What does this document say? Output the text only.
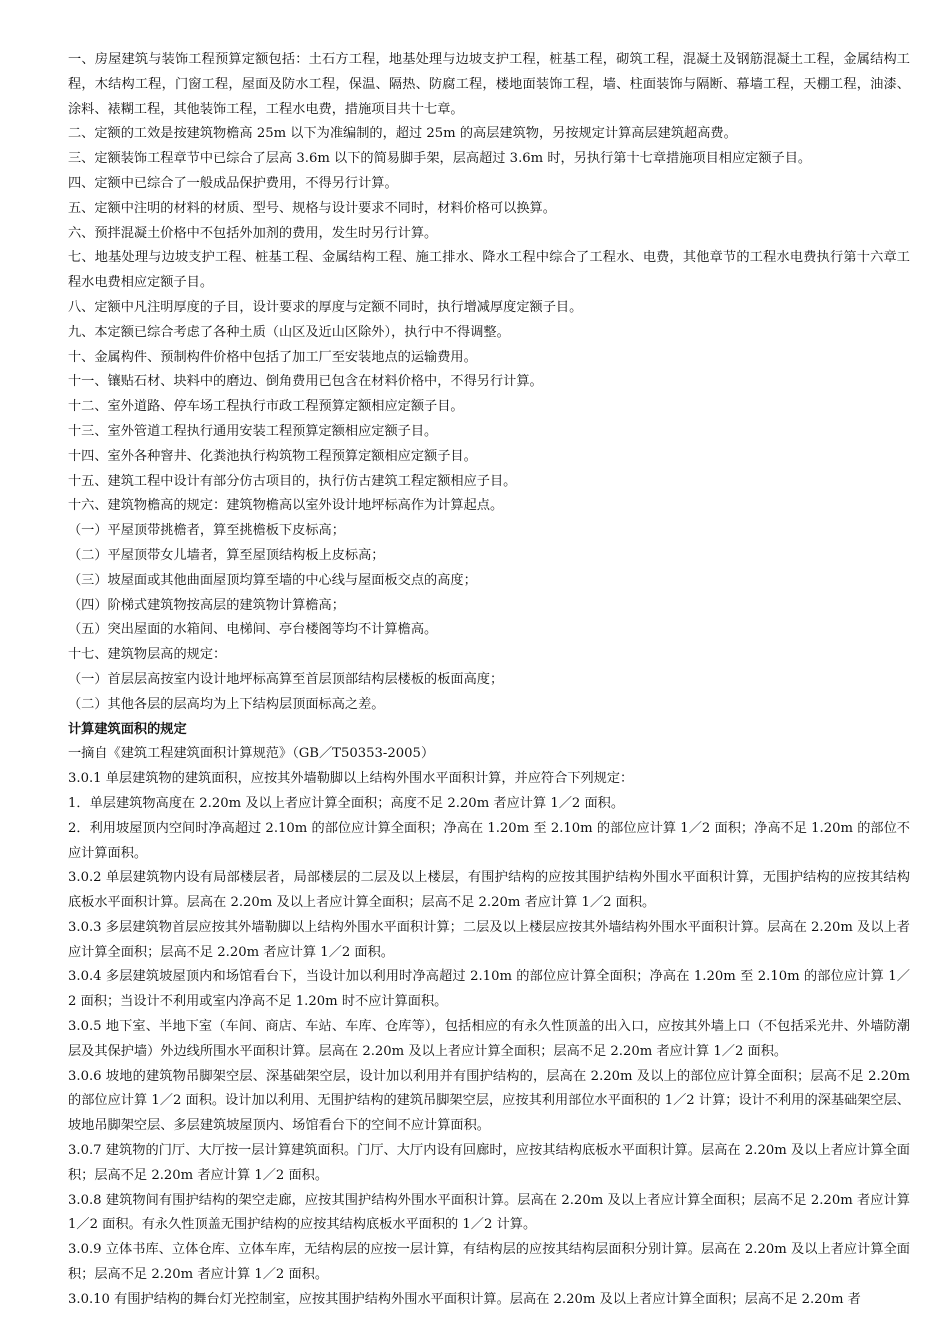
一、房屋建筑与装饰工程预算定额包括：土石方工程，地基处理与边坡支护工程，桩基工程，砌筑工程，混凝土及钢筋混凝土工程，金属结构工程，木结构工程，门窗工程，屋面及防水工程，保温、隔热、防腐工程，楼地面装饰工程，墙、柱面装饰与隔断、幕墙工程，天棚工程，油漆、涂料、裱糊工程，其他装饰工程，工程水电费，措施项目共十七章。

二、定额的工效是按建筑物檐高 25m 以下为准编制的，超过 25m 的高层建筑物，另按规定计算高层建筑超高费。

三、定额装饰工程章节中已综合了层高 3.6m 以下的简易脚手架，层高超过 3.6m 时，另执行第十七章措施项目相应定额子目。

四、定额中已综合了一般成品保护费用，不得另行计算。

五、定额中注明的材料的材质、型号、规格与设计要求不同时，材料价格可以换算。

六、预拌混凝土价格中不包括外加剂的费用，发生时另行计算。

七、地基处理与边坡支护工程、桩基工程、金属结构工程、施工排水、降水工程中综合了工程水、电费，其他章节的工程水电费执行第十六章工程水电费相应定额子目。

八、定额中凡注明厚度的子目，设计要求的厚度与定额不同时，执行增减厚度定额子目。

九、本定额已综合考虑了各种土质（山区及近山区除外），执行中不得调整。

十、金属构件、预制构件价格中包括了加工厂至安装地点的运输费用。

十一、镶贴石材、块料中的磨边、倒角费用已包含在材料价格中，不得另行计算。

十二、室外道路、停车场工程执行市政工程预算定额相应定额子目。

十三、室外管道工程执行通用安装工程预算定额相应定额子目。

十四、室外各种窨井、化粪池执行构筑物工程预算定额相应定额子目。

十五、建筑工程中设计有部分仿古项目的，执行仿古建筑工程定额相应子目。

十六、建筑物檐高的规定：建筑物檐高以室外设计地坪标高作为计算起点。

（一）平屋顶带挑檐者，算至挑檐板下皮标高；

（二）平屋顶带女儿墙者，算至屋顶结构板上皮标高；

（三）坡屋面或其他曲面屋顶均算至墙的中心线与屋面板交点的高度；

（四）阶梯式建筑物按高层的建筑物计算檐高；

（五）突出屋面的水箱间、电梯间、亭台楼阁等均不计算檐高。

十七、建筑物层高的规定：

（一）首层层高按室内设计地坪标高算至首层顶部结构层楼板的板面高度；

（二）其他各层的层高均为上下结构层顶面标高之差。

计算建筑面积的规定

一摘自《建筑工程建筑面积计算规范》（GB／T50353-2005）

3.0.1 单层建筑物的建筑面积，应按其外墙勒脚以上结构外围水平面积计算，并应符合下列规定：

1．单层建筑物高度在 2.20m 及以上者应计算全面积；高度不足 2.20m 者应计算 1／2 面积。

2．利用坡屋顶内空间时净高超过 2.10m 的部位应计算全面积；净高在 1.20m 至 2.10m 的部位应计算 1／2 面积；净高不足 1.20m 的部位不应计算面积。

3.0.2 单层建筑物内设有局部楼层者，局部楼层的二层及以上楼层，有围护结构的应按其围护结构外围水平面积计算，无围护结构的应按其结构底板水平面积计算。层高在 2.20m 及以上者应计算全面积；层高不足 2.20m 者应计算 1／2 面积。

3.0.3 多层建筑物首层应按其外墙勒脚以上结构外围水平面积计算；二层及以上楼层应按其外墙结构外围水平面积计算。层高在 2.20m 及以上者应计算全面积；层高不足 2.20m 者应计算 1／2 面积。

3.0.4 多层建筑坡屋顶内和场馆看台下，当设计加以利用时净高超过 2.10m 的部位应计算全面积；净高在 1.20m 至 2.10m 的部位应计算 1／2 面积；当设计不利用或室内净高不足 1.20m 时不应计算面积。

3.0.5 地下室、半地下室（车间、商店、车站、车库、仓库等），包括相应的有永久性顶盖的出入口，应按其外墙上口（不包括采光井、外墙防潮层及其保护墙）外边线所围水平面积计算。层高在 2.20m 及以上者应计算全面积；层高不足 2.20m 者应计算 1／2 面积。

3.0.6 坡地的建筑物吊脚架空层、深基础架空层，设计加以利用并有围护结构的，层高在 2.20m 及以上的部位应计算全面积；层高不足 2.20m 的部位应计算 1／2 面积。设计加以利用、无围护结构的建筑吊脚架空层，应按其利用部位水平面积的 1／2 计算；设计不利用的深基础架空层、坡地吊脚架空层、多层建筑坡屋顶内、场馆看台下的空间不应计算面积。

3.0.7 建筑物的门厅、大厅按一层计算建筑面积。门厅、大厅内设有回廊时，应按其结构底板水平面积计算。层高在 2.20m 及以上者应计算全面积；层高不足 2.20m 者应计算 1／2 面积。

3.0.8 建筑物间有围护结构的架空走廊，应按其围护结构外围水平面积计算。层高在 2.20m 及以上者应计算全面积；层高不足 2.20m 者应计算 1／2 面积。有永久性顶盖无围护结构的应按其结构底板水平面积的 1／2 计算。

3.0.9 立体书库、立体仓库、立体车库，无结构层的应按一层计算，有结构层的应按其结构层面积分别计算。层高在 2.20m 及以上者应计算全面积；层高不足 2.20m 者应计算 1／2 面积。

3.0.10 有围护结构的舞台灯光控制室，应按其围护结构外围水平面积计算。层高在 2.20m 及以上者应计算全面积；层高不足 2.20m 者
